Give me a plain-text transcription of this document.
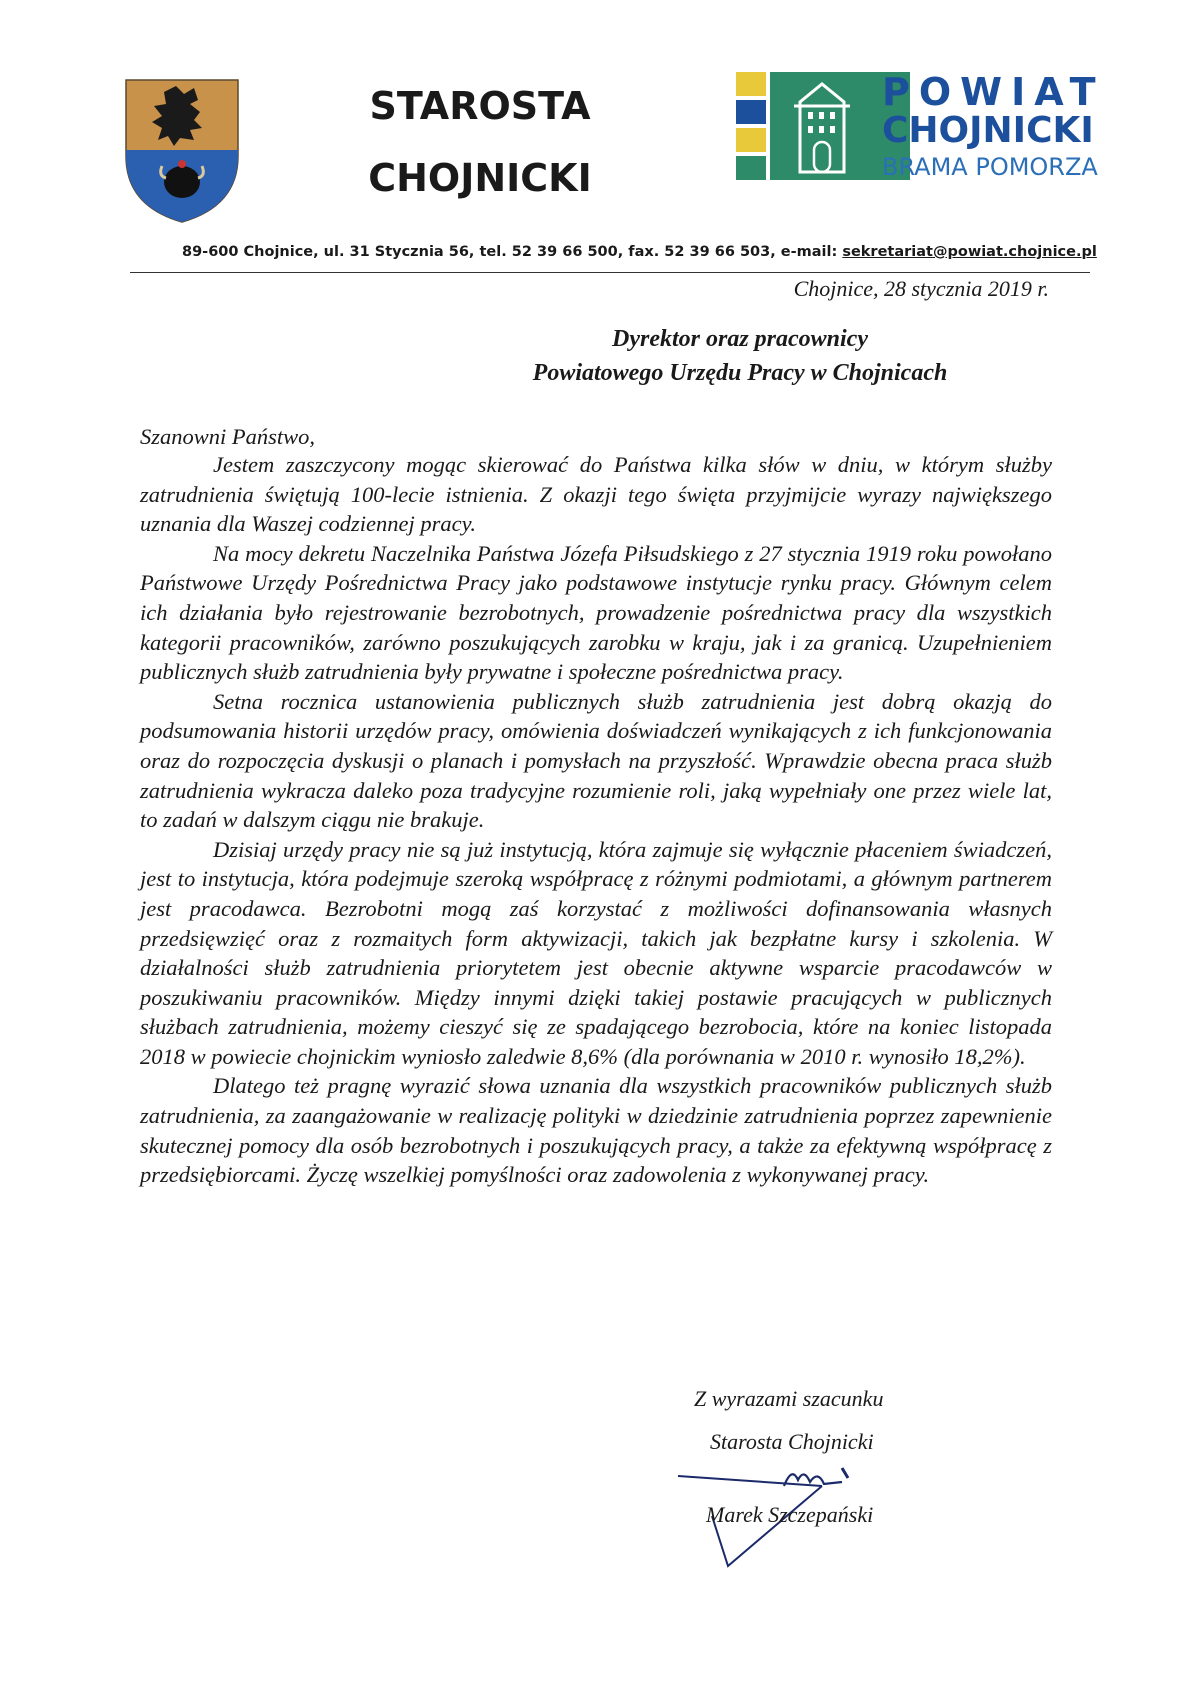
STAROSTA
CHOJNICKI
POWIAT
CHOJNICKI
BRAMA POMORZA
89-600 Chojnice, ul. 31 Stycznia 56, tel. 52 39 66 500, fax. 52 39 66 503, e-mail: sekretariat@powiat.chojnice.pl
Chojnice, 28 stycznia 2019 r.
Dyrektor oraz pracownicy
Powiatowego Urzędu Pracy w Chojnicach
Szanowni Państwo,

Jestem zaszczycony mogąc skierować do Państwa kilka słów w dniu, w którym służby zatrudnienia świętują 100-lecie istnienia. Z okazji tego święta przyjmijcie wyrazy największego uznania dla Waszej codziennej pracy.

Na mocy dekretu Naczelnika Państwa Józefa Piłsudskiego z 27 stycznia 1919 roku powołano Państwowe Urzędy Pośrednictwa Pracy jako podstawowe instytucje rynku pracy. Głównym celem ich działania było rejestrowanie bezrobotnych, prowadzenie pośrednictwa pracy dla wszystkich kategorii pracowników, zarówno poszukujących zarobku w kraju, jak i za granicą. Uzupełnieniem publicznych służb zatrudnienia były prywatne i społeczne pośrednictwa pracy.

Setna rocznica ustanowienia publicznych służb zatrudnienia jest dobrą okazją do podsumowania historii urzędów pracy, omówienia doświadczeń wynikających z ich funkcjonowania oraz do rozpoczęcia dyskusji o planach i pomysłach na przyszłość. Wprawdzie obecna praca służb zatrudnienia wykracza daleko poza tradycyjne rozumienie roli, jaką wypełniały one przez wiele lat, to zadań w dalszym ciągu nie brakuje.

Dzisiaj urzędy pracy nie są już instytucją, która zajmuje się wyłącznie płaceniem świadczeń, jest to instytucja, która podejmuje szeroką współpracę z różnymi podmiotami, a głównym partnerem jest pracodawca. Bezrobotni mogą zaś korzystać z możliwości dofinansowania własnych przedsięwzięć oraz z rozmaitych form aktywizacji, takich jak bezpłatne kursy i szkolenia. W działalności służb zatrudnienia priorytetem jest obecnie aktywne wsparcie pracodawców w poszukiwaniu pracowników. Między innymi dzięki takiej postawie pracujących w publicznych służbach zatrudnienia, możemy cieszyć się ze spadającego bezrobocia, które na koniec listopada 2018 w powiecie chojnickim wyniosło zaledwie 8,6% (dla porównania w 2010 r. wynosiło 18,2%).

Dlatego też pragnę wyrazić słowa uznania dla wszystkich pracowników publicznych służb zatrudnienia, za zaangażowanie w realizację polityki w dziedzinie zatrudnienia poprzez zapewnienie skutecznej pomocy dla osób bezrobotnych i poszukujących pracy, a także za efektywną współpracę z przedsiębiorcami. Życzę wszelkiej pomyślności oraz zadowolenia z wykonywanej pracy.

Z wyrazami szacunku
Starosta Chojnicki
Marek Szczepański
